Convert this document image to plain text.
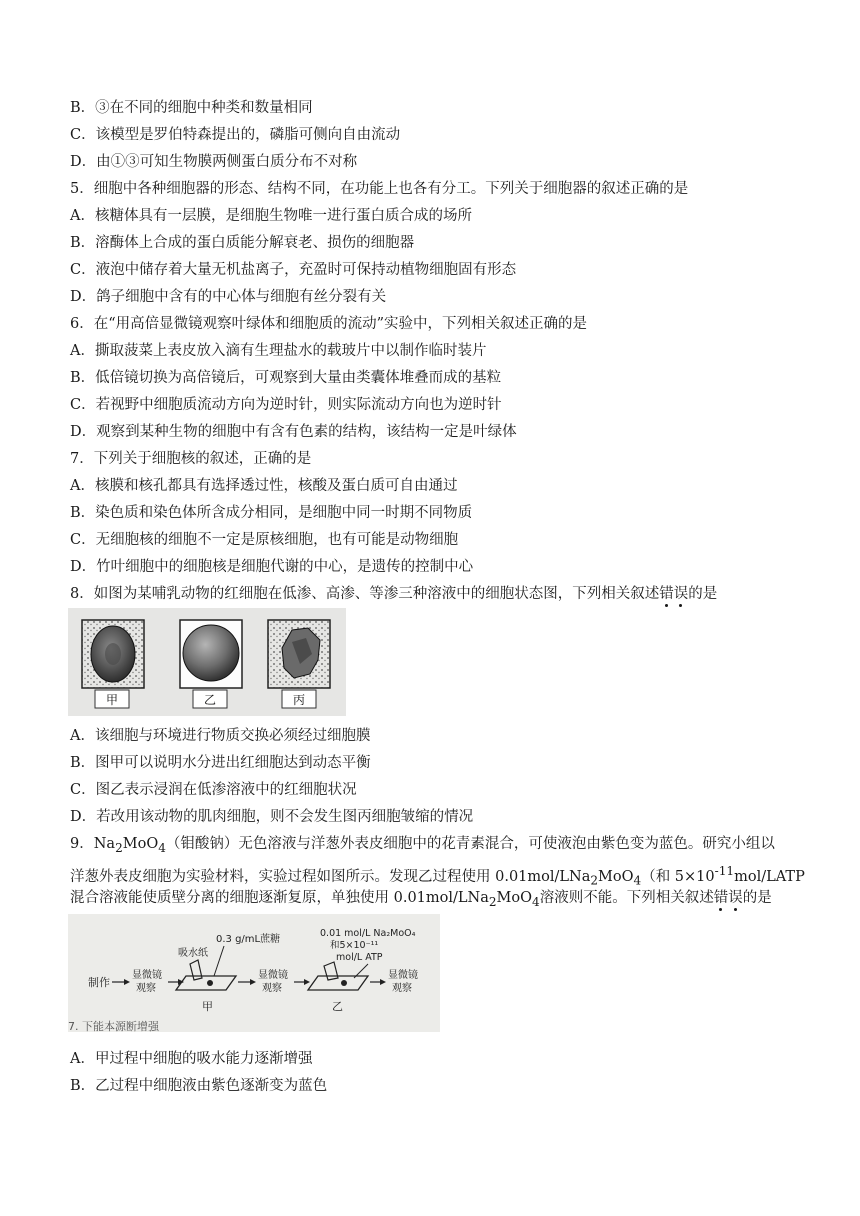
B．③在不同的细胞中种类和数量相同
C．该模型是罗伯特森提出的，磷脂可侧向自由流动
D．由①③可知生物膜两侧蛋白质分布不对称
5．细胞中各种细胞器的形态、结构不同，在功能上也各有分工。下列关于细胞器的叙述正确的是
A．核糖体具有一层膜，是细胞生物唯一进行蛋白质合成的场所
B．溶酶体上合成的蛋白质能分解衰老、损伤的细胞器
C．液泡中储存着大量无机盐离子，充盈时可保持动植物细胞固有形态
D．鸽子细胞中含有的中心体与细胞有丝分裂有关
6．在“用高倍显微镜观察叶绿体和细胞质的流动”实验中，下列相关叙述正确的是
A．撕取菠菜上表皮放入滴有生理盐水的载玻片中以制作临时装片
B．低倍镜切换为高倍镜后，可观察到大量由类囊体堆叠而成的基粒
C．若视野中细胞质流动方向为逆时针，则实际流动方向也为逆时针
D．观察到某种生物的细胞中有含有色素的结构，该结构一定是叶绿体
7．下列关于细胞核的叙述，正确的是
A．核膜和核孔都具有选择透过性，核酸及蛋白质可自由通过
B．染色质和染色体所含成分相同，是细胞中同一时期不同物质
C．无细胞核的细胞不一定是原核细胞，也有可能是动物细胞
D．竹叶细胞中的细胞核是细胞代谢的中心，是遗传的控制中心
8．如图为某哺乳动物的红细胞在低渗、高渗、等渗三种溶液中的细胞状态图，下列相关叙述错误的是
甲	乙	丙
A．该细胞与环境进行物质交换必须经过细胞膜
B．图甲可以说明水分进出红细胞达到动态平衡
C．图乙表示浸润在低渗溶液中的红细胞状况
D．若改用该动物的肌肉细胞，则不会发生图丙细胞皱缩的情况
9．$Na_2MoO_4$（钼酸钠）无色溶液与洋葱外表皮细胞中的花青素混合，可使液泡由紫色变为蓝色。研究小组以
洋葱外表皮细胞为实验材料，实验过程如图所示。发现乙过程使用 0.01mol/LNa$_2$MoO$_4$（和 $5\times 10^{-11}mol$/LATP
混合溶液能使质壁分离的细胞逐渐复原，单独使用 0.01mol/LNa$_2$MoO$_4$溶液则不能。下列相关叙述错误的是
制作
显微镜
观察
吸水纸
0.3 g/mL蔗糖
甲
显微镜
观察
0.01 mol/L Na₂MoO₄
和5×10⁻¹¹
mol/L ATP
乙
显微镜
观察
7. 下能本源断增强
A．甲过程中细胞的吸水能力逐渐增强
B．乙过程中细胞液由紫色逐渐变为蓝色
